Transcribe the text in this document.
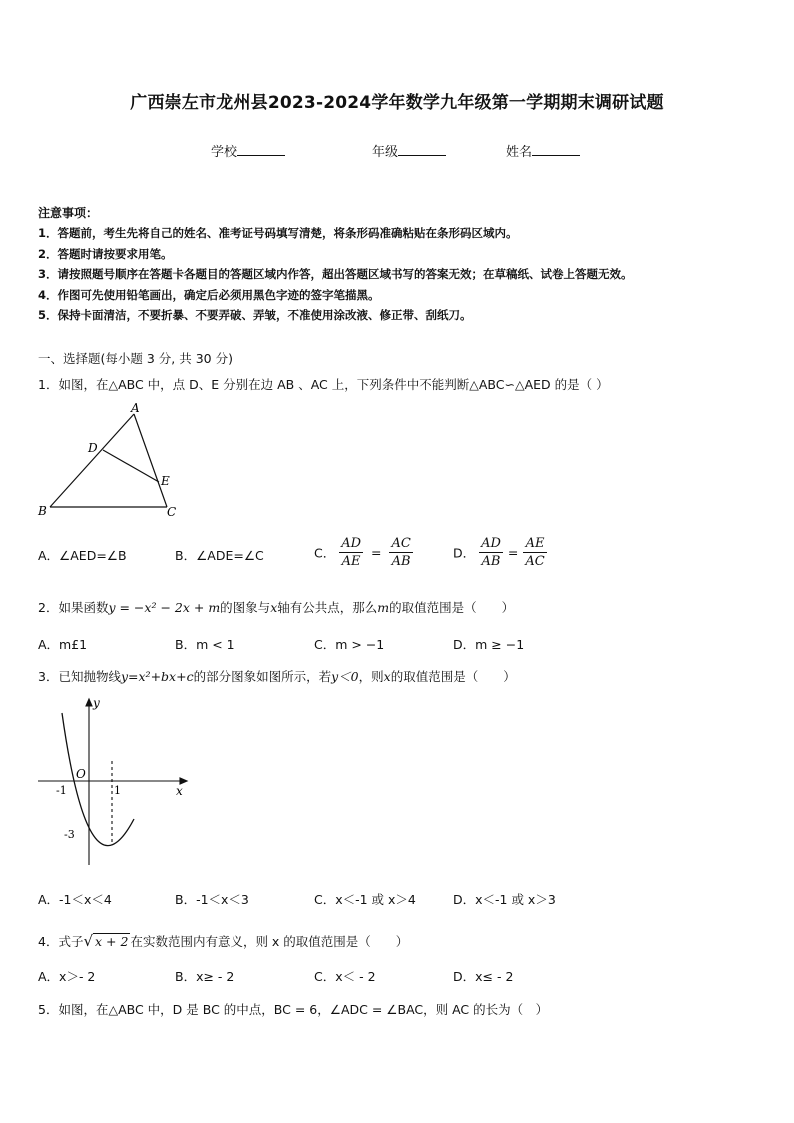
广西崇左市龙州县2023-2024学年数学九年级第一学期期末调研试题
学校	年级	姓名
注意事项：
1．答题前，考生先将自己的姓名、准考证号码填写清楚，将条形码准确粘贴在条形码区域内。
2．答题时请按要求用笔。
3．请按照题号顺序在答题卡各题目的答题区域内作答，超出答题区域书写的答案无效；在草稿纸、试卷上答题无效。
4．作图可先使用铅笔画出，确定后必须用黑色字迹的签字笔描黑。
5．保持卡面清洁，不要折暴、不要弄破、弄皱，不准使用涂改液、修正带、刮纸刀。
一、选择题(每小题 3 分, 共 30 分)
1．如图，在△ABC 中，点 D、E 分别在边 AB 、AC 上，下列条件中不能判断△ABC∽△AED 的是（ ）
A
D
E
B	C
A．∠AED=∠B	B．∠ADE=∠C	C． $\frac{AD}{AE} = \frac{AC}{AB}$	D． $\frac{AD}{AB} = \frac{AE}{AC}$
2．如果函数y = −x² − 2x + m的图象与x轴有公共点，那么m的取值范围是（　　）
A．m£1	B．m < 1	C．m > −1	D．m ≥ −1
3．已知抛物线y=x²+bx+c的部分图象如图所示，若y＜0，则x的取值范围是（　　）
y
x
O
-1	1
-3
A．-1＜x＜4	B．-1＜x＜3	C．x＜-1 或 x＞4	D．x＜-1 或 x＞3
4．式子√ x + 2 在实数范围内有意义，则 x 的取值范围是（　　）
A．x＞- 2	B．x≥ - 2	C．x＜ - 2	D．x≤ - 2
5．如图，在△ABC 中，D 是 BC 的中点，BC = 6，∠ADC = ∠BAC，则 AC 的长为（　）
